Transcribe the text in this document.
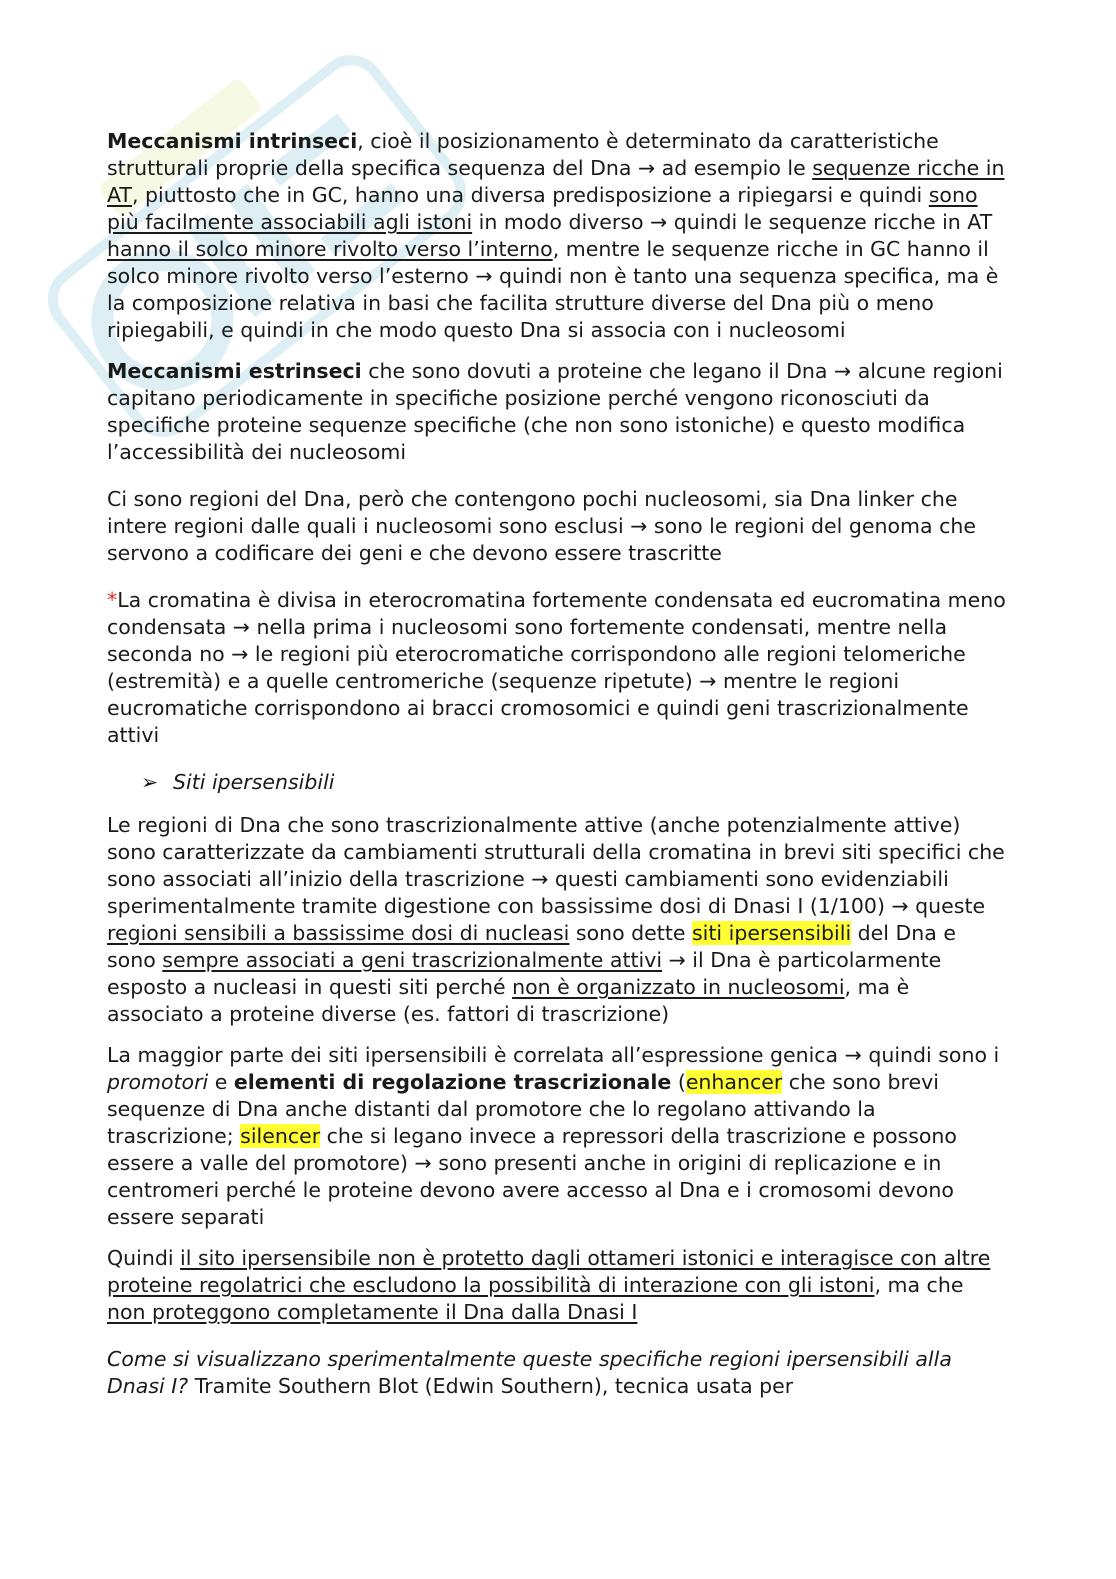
Meccanismi intrinseci, cioè il posizionamento è determinato da caratteristiche strutturali proprie della specifica sequenza del Dna → ad esempio le sequenze ricche in AT, piuttosto che in GC, hanno una diversa predisposizione a ripiegarsi e quindi sono più facilmente associabili agli istoni in modo diverso → quindi le sequenze ricche in AT hanno il solco minore rivolto verso l’interno, mentre le sequenze ricche in GC hanno il solco minore rivolto verso l’esterno → quindi non è tanto una sequenza specifica, ma è la composizione relativa in basi che facilita strutture diverse del Dna più o meno ripiegabili, e quindi in che modo questo Dna si associa con i nucleosomi

Meccanismi estrinseci che sono dovuti a proteine che legano il Dna → alcune regioni capitano periodicamente in specifiche posizione perché vengono riconosciuti da specifiche proteine sequenze specifiche (che non sono istoniche) e questo modifica l’accessibilità dei nucleosomi

Ci sono regioni del Dna, però che contengono pochi nucleosomi, sia Dna linker che intere regioni dalle quali i nucleosomi sono esclusi → sono le regioni del genoma che servono a codificare dei geni e che devono essere trascritte

*La cromatina è divisa in eterocromatina fortemente condensata ed eucromatina meno condensata → nella prima i nucleosomi sono fortemente condensati, mentre nella seconda no → le regioni più eterocromatiche corrispondono alle regioni telomeriche (estremità) e a quelle centromeriche (sequenze ripetute) → mentre le regioni eucromatiche corrispondono ai bracci cromosomici e quindi geni trascrizionalmente attivi

➢ Siti ipersensibili

Le regioni di Dna che sono trascrizionalmente attive (anche potenzialmente attive) sono caratterizzate da cambiamenti strutturali della cromatina in brevi siti specifici che sono associati all’inizio della trascrizione → questi cambiamenti sono evidenziabili sperimentalmente tramite digestione con bassissime dosi di Dnasi I (1/100) → queste regioni sensibili a bassissime dosi di nucleasi sono dette siti ipersensibili del Dna e sono sempre associati a geni trascrizionalmente attivi → il Dna è particolarmente esposto a nucleasi in questi siti perché non è organizzato in nucleosomi, ma è associato a proteine diverse (es. fattori di trascrizione)

La maggior parte dei siti ipersensibili è correlata all’espressione genica → quindi sono i promotori e elementi di regolazione trascrizionale (enhancer che sono brevi sequenze di Dna anche distanti dal promotore che lo regolano attivando la trascrizione; silencer che si legano invece a repressori della trascrizione e possono essere a valle del promotore) → sono presenti anche in origini di replicazione e in centromeri perché le proteine devono avere accesso al Dna e i cromosomi devono essere separati

Quindi il sito ipersensibile non è protetto dagli ottameri istonici e interagisce con altre proteine regolatrici che escludono la possibilità di interazione con gli istoni, ma che non proteggono completamente il Dna dalla Dnasi I

Come si visualizzano sperimentalmente queste specifiche regioni ipersensibili alla Dnasi I? Tramite Southern Blot (Edwin Southern), tecnica usata per
